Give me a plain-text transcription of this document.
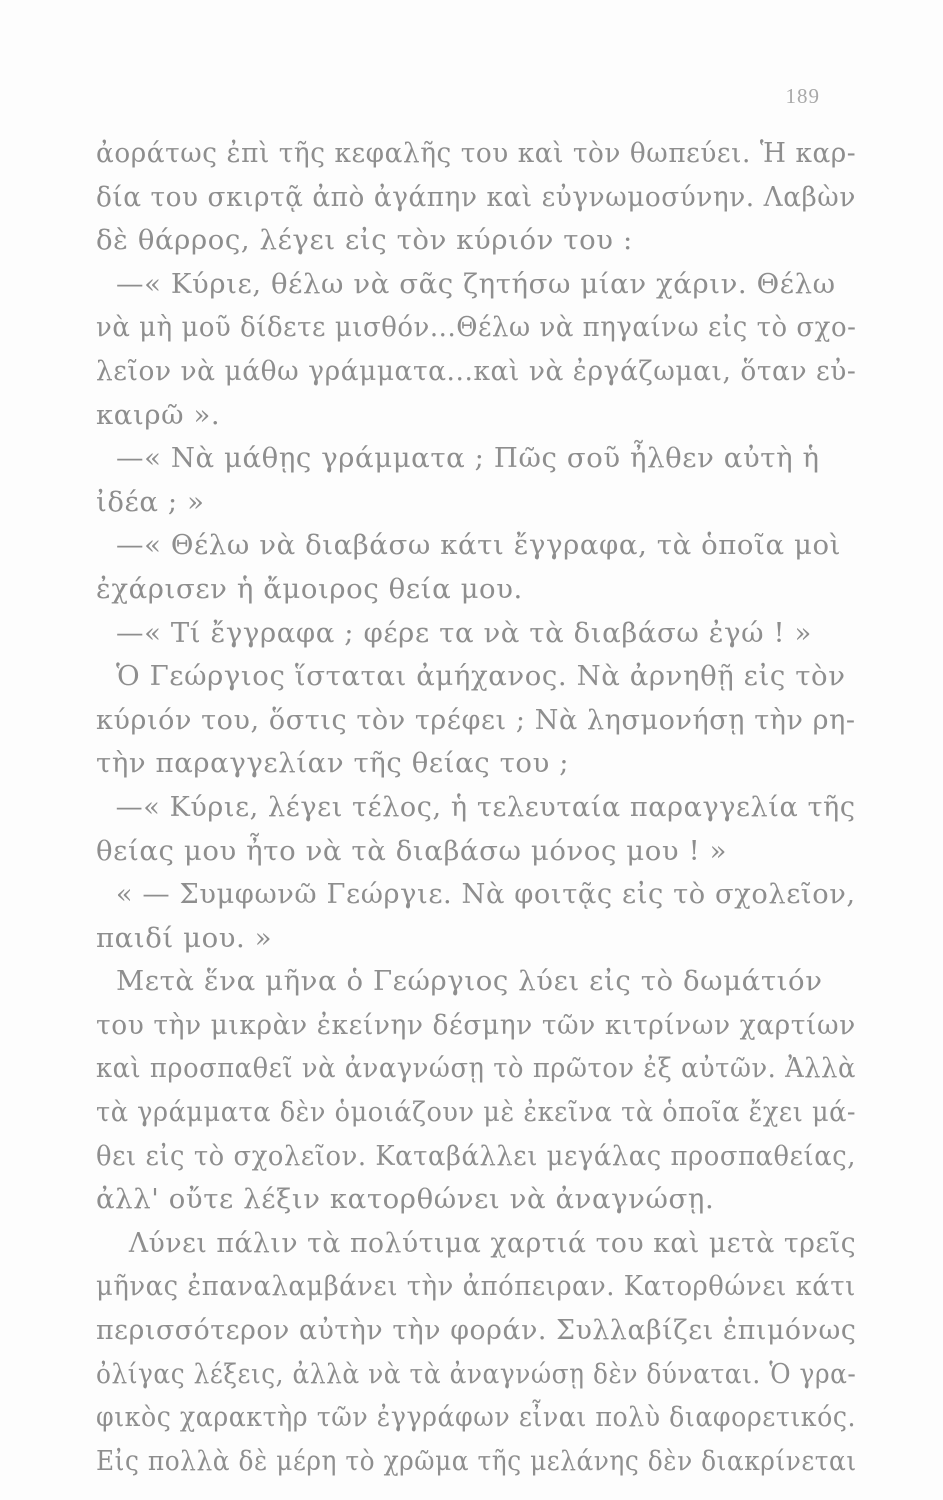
189
ἀοράτως ἐπὶ τῆς κεφαλῆς του καὶ τὸν θωπεύει. Ἡ καρ-
δία του σκιρτᾷ ἀπὸ ἀγάπην καὶ εὐγνωμοσύνην. Λαβὼν
δὲ θάρρος, λέγει εἰς τὸν κύριόν του :
—« Κύριε, θέλω νὰ σᾶς ζητήσω μίαν χάριν. Θέλω
νὰ μὴ μοῦ δίδετε μισθόν...Θέλω νὰ πηγαίνω εἰς τὸ σχο-
λεῖον νὰ μάθω γράμματα...καὶ νὰ ἐργάζωμαι, ὅταν εὐ-
καιρῶ ».
—« Νὰ μάθῃς γράμματα ; Πῶς σοῦ ἦλθεν αὐτὴ ἡ
ἰδέα ; »
—« Θέλω νὰ διαβάσω κάτι ἔγγραφα, τὰ ὁποῖα μοὶ
ἐχάρισεν ἡ ἄμοιρος θεία μου.
—« Τί ἔγγραφα ; φέρε τα νὰ τὰ διαβάσω ἐγώ ! »
Ὁ Γεώργιος ἵσταται ἀμήχανος. Νὰ ἀρνηθῇ εἰς τὸν
κύριόν του, ὅστις τὸν τρέφει ; Νὰ λησμονήσῃ τὴν ρη-
τὴν παραγγελίαν τῆς θείας του ;
—« Κύριε, λέγει τέλος, ἡ τελευταία παραγγελία τῆς
θείας μου ἦτο νὰ τὰ διαβάσω μόνος μου ! »
« — Συμφωνῶ Γεώργιε. Νὰ φοιτᾷς εἰς τὸ σχολεῖον,
παιδί μου. »
Μετὰ ἕνα μῆνα ὁ Γεώργιος λύει εἰς τὸ δωμάτιόν
του τὴν μικρὰν ἐκείνην δέσμην τῶν κιτρίνων χαρτίων
καὶ προσπαθεῖ νὰ ἀναγνώσῃ τὸ πρῶτον ἐξ αὐτῶν. Ἀλλὰ
τὰ γράμματα δὲν ὁμοιάζουν μὲ ἐκεῖνα τὰ ὁποῖα ἔχει μά-
θει εἰς τὸ σχολεῖον. Καταβάλλει μεγάλας προσπαθείας,
ἀλλ' οὔτε λέξιν κατορθώνει νὰ ἀναγνώσῃ.
Λύνει πάλιν τὰ πολύτιμα χαρτιά του καὶ μετὰ τρεῖς
μῆνας ἐπαναλαμβάνει τὴν ἀπόπειραν. Κατορθώνει κάτι
περισσότερον αὐτὴν τὴν φοράν. Συλλαβίζει ἐπιμόνως
ὀλίγας λέξεις, ἀλλὰ νὰ τὰ ἀναγνώσῃ δὲν δύναται. Ὁ γρα-
φικὸς χαρακτὴρ τῶν ἐγγράφων εἶναι πολὺ διαφορετικός.
Εἰς πολλὰ δὲ μέρη τὸ χρῶμα τῆς μελάνης δὲν διακρίνεται
